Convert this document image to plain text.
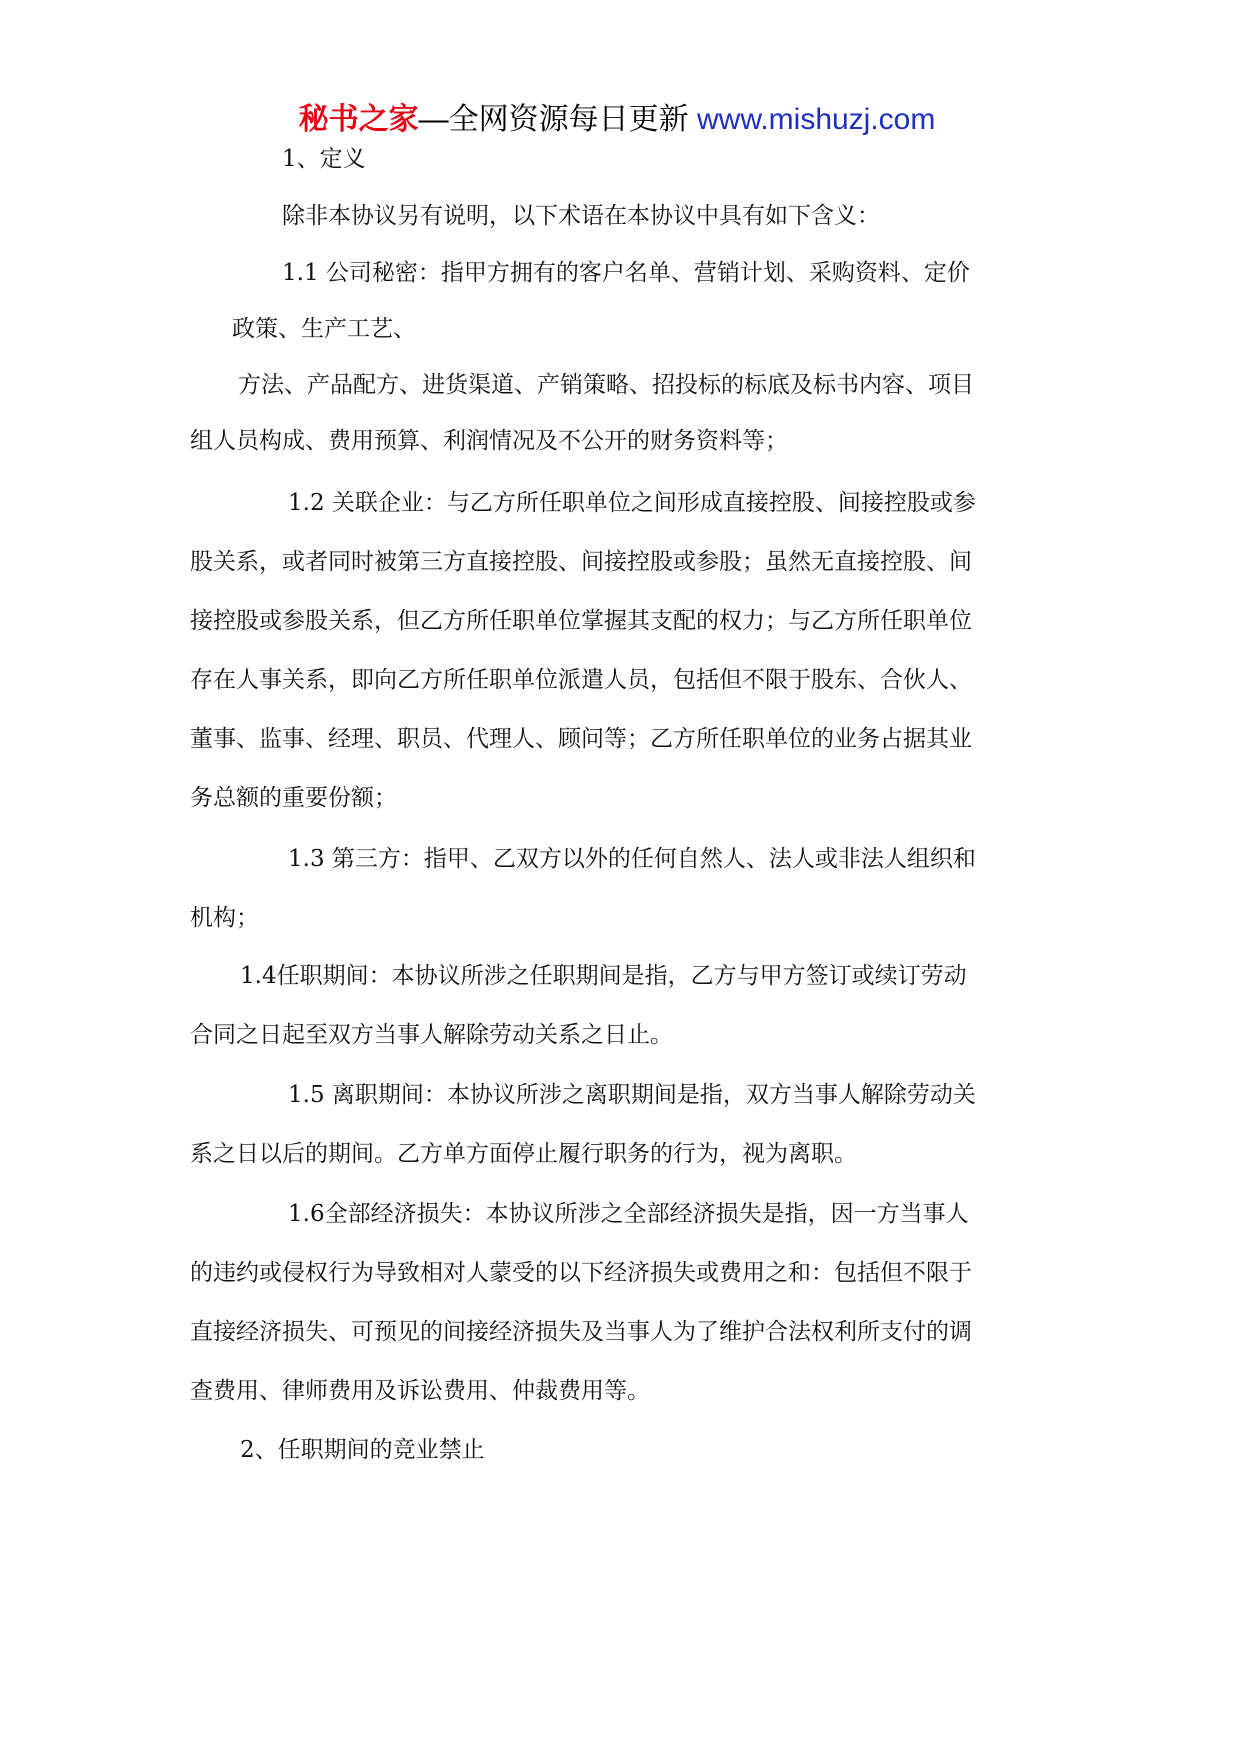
秘书之家—全网资源每日更新 www.mishuzj.com

1、定义

除非本协议另有说明，以下术语在本协议中具有如下含义：

1.1 公司秘密：指甲方拥有的客户名单、营销计划、采购资料、定价

政策、生产工艺、

方法、产品配方、进货渠道、产销策略、招投标的标底及标书内容、项目

组人员构成、费用预算、利润情况及不公开的财务资料等；

1.2 关联企业：与乙方所任职单位之间形成直接控股、间接控股或参

股关系，或者同时被第三方直接控股、间接控股或参股；虽然无直接控股、间

接控股或参股关系，但乙方所任职单位掌握其支配的权力；与乙方所任职单位

存在人事关系，即向乙方所任职单位派遣人员，包括但不限于股东、合伙人、

董事、监事、经理、职员、代理人、顾问等；乙方所任职单位的业务占据其业

务总额的重要份额；

1.3 第三方：指甲、乙双方以外的任何自然人、法人或非法人组织和

机构；

1.4任职期间：本协议所涉之任职期间是指，乙方与甲方签订或续订劳动

合同之日起至双方当事人解除劳动关系之日止。

1.5 离职期间：本协议所涉之离职期间是指，双方当事人解除劳动关

系之日以后的期间。乙方单方面停止履行职务的行为，视为离职。

1.6全部经济损失：本协议所涉之全部经济损失是指，因一方当事人

的违约或侵权行为导致相对人蒙受的以下经济损失或费用之和：包括但不限于

直接经济损失、可预见的间接经济损失及当事人为了维护合法权利所支付的调

查费用、律师费用及诉讼费用、仲裁费用等。

2、任职期间的竞业禁止
